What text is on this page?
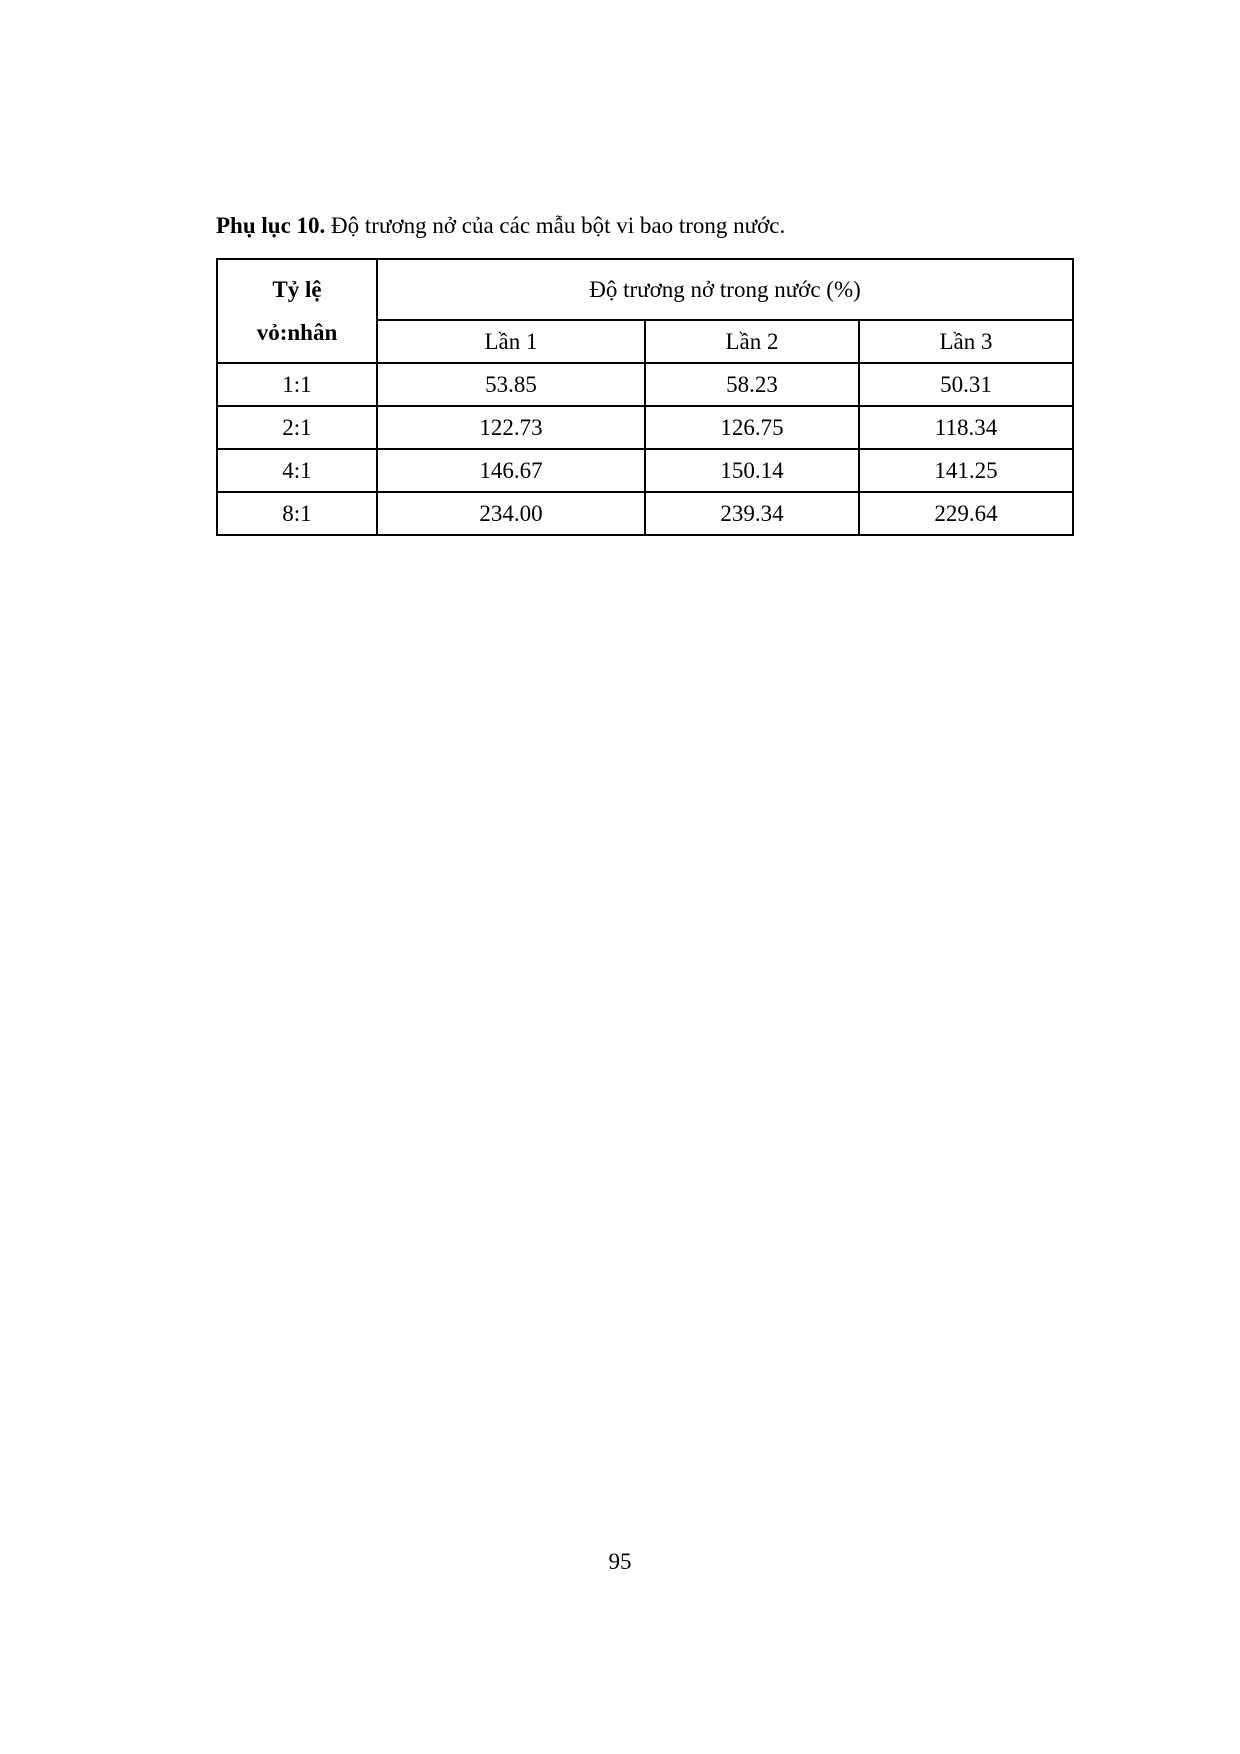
Phụ lục 10. Độ trương nở của các mẫu bột vi bao trong nước.
Tỷ lệ
vỏ:nhân	Độ trương nở trong nước (%)		
	Lần 1	Lần 2	Lần 3
1:1	53.85	58.23	50.31
2:1	122.73	126.75	118.34
4:1	146.67	150.14	141.25
8:1	234.00	239.34	229.64
95
